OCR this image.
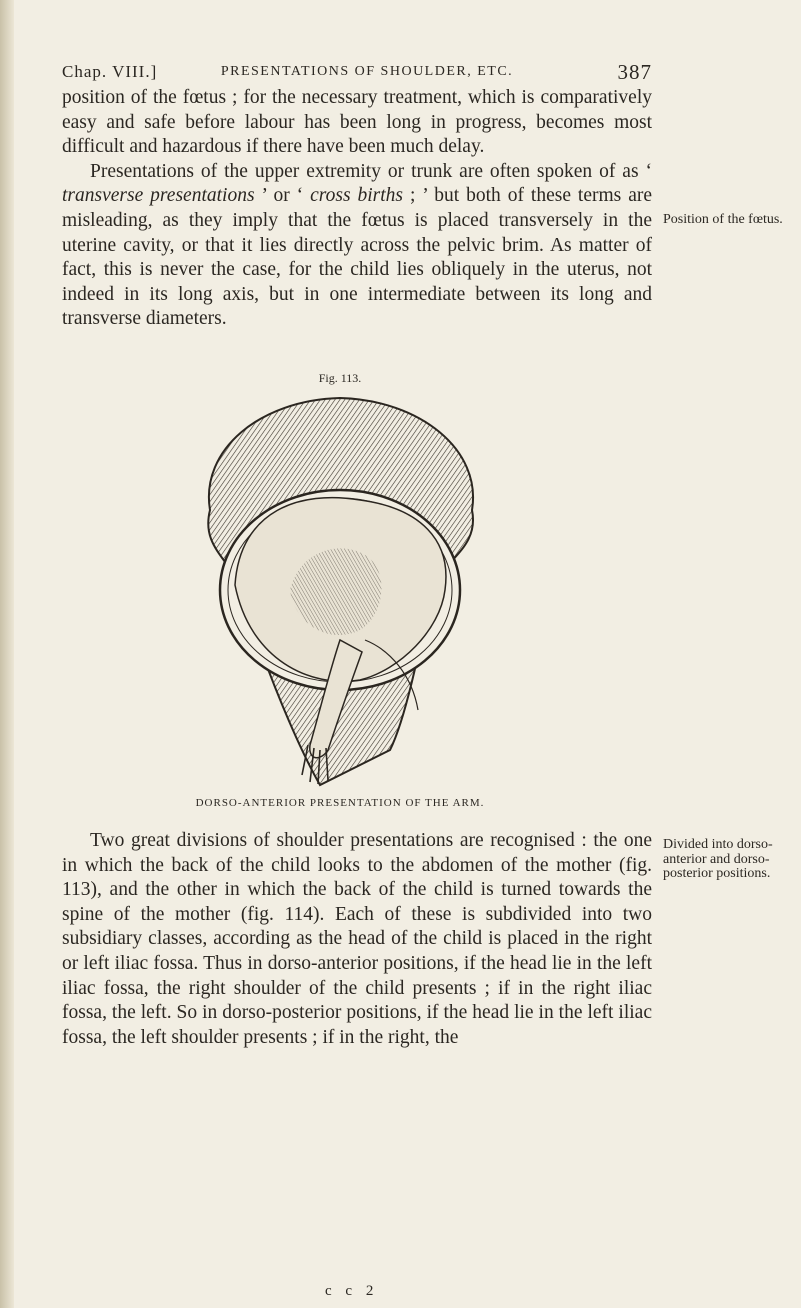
Chap. VIII.]	PRESENTATIONS OF SHOULDER, ETC.	387

position of the fœtus ; for the necessary treatment, which is comparatively easy and safe before labour has been long in progress, becomes most difficult and hazardous if there have been much delay.

Presentations of the upper extremity or trunk are often spoken of as ‘ transverse presentations ’ or ‘ cross births ; ’ but both of these terms are misleading, as they imply that the fœtus is placed transversely in the uterine cavity, or that it lies directly across the pelvic brim. As matter of fact, this is never the case, for the child lies obliquely in the uterus, not indeed in its long axis, but in one intermediate between its long and transverse diameters.

Position of the fœtus.
Fig. 113.
DORSO-ANTERIOR PRESENTATION OF THE ARM.

Two great divisions of shoulder presentations are recognised : the one in which the back of the child looks to the abdomen of the mother (fig. 113), and the other in which the back of the child is turned towards the spine of the mother (fig. 114). Each of these is subdivided into two subsidiary classes, according as the head of the child is placed in the right or left iliac fossa. Thus in dorso-anterior positions, if the head lie in the left iliac fossa, the right shoulder of the child presents ; if in the right iliac fossa, the left. So in dorso-posterior positions, if the head lie in the left iliac fossa, the left shoulder presents ; if in the right, the

Divided into dorso-anterior and dorso-posterior positions.
c c 2
